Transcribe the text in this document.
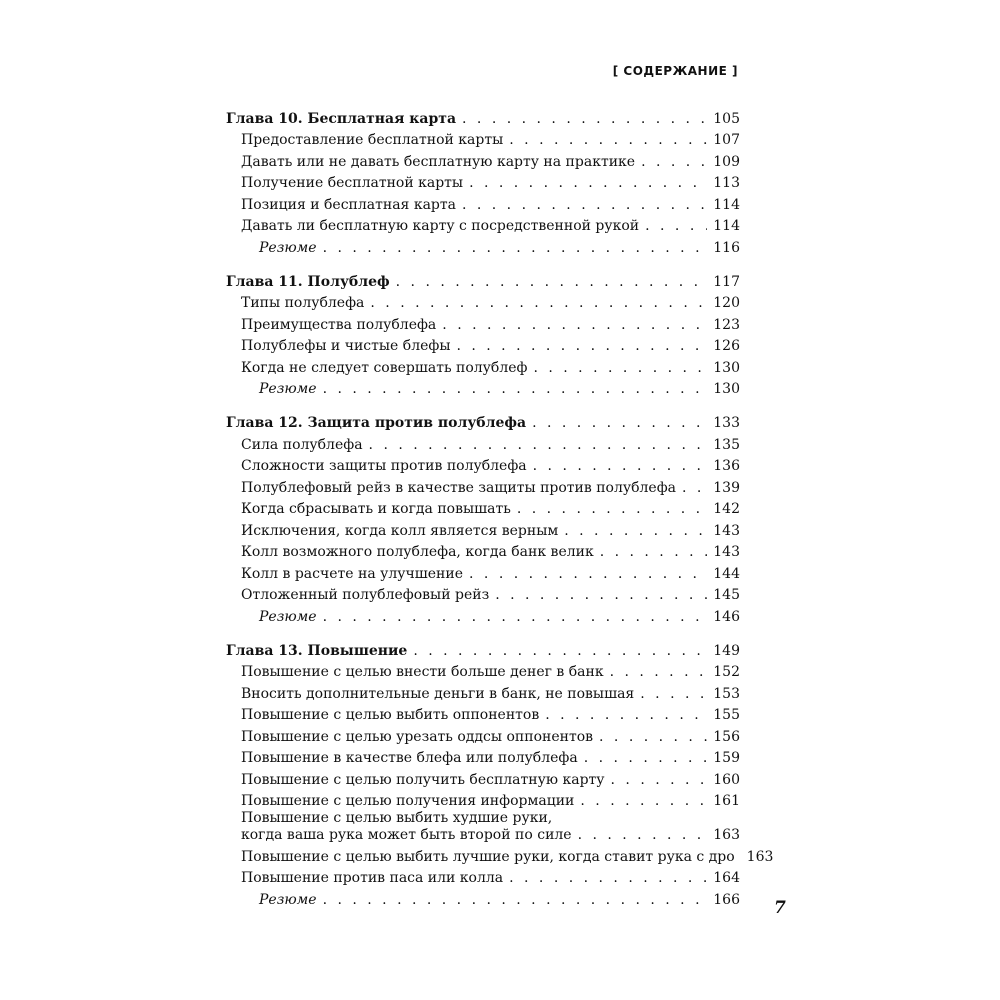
[ СОДЕРЖАНИЕ ]
Глава 10. Бесплатная карта . . .	105
Предоставление бесплатной карты . . .	107
Давать или не давать бесплатную карту на практике . . .	109
Получение бесплатной карты . . .	113
Позиция и бесплатная карта . . .	114
Давать ли бесплатную карту с посредственной рукой . . .	114
Резюме . . .	116
Глава 11. Полублеф . . .	117
Типы полублефа . . .	120
Преимущества полублефа . . .	123
Полублефы и чистые блефы . . .	126
Когда не следует совершать полублеф . . .	130
Резюме . . .	130
Глава 12. Защита против полублефа . . .	133
Сила полублефа . . .	135
Сложности защиты против полублефа . . .	136
Полублефовый рейз в качестве защиты против полублефа . . .	139
Когда сбрасывать и когда повышать . . .	142
Исключения, когда колл является верным . . .	143
Колл возможного полублефа, когда банк велик . . .	143
Колл в расчете на улучшение . . .	144
Отложенный полублефовый рейз . . .	145
Резюме . . .	146
Глава 13. Повышение . . .	149
Повышение с целью внести больше денег в банк . . .	152
Вносить дополнительные деньги в банк, не повышая . . .	153
Повышение с целью выбить оппонентов . . .	155
Повышение с целью урезать оддсы оппонентов . . .	156
Повышение в качестве блефа или полублефа . . .	159
Повышение с целью получить бесплатную карту . . .	160
Повышение с целью получения информации . . .	161
Повышение с целью выбить худшие руки,
когда ваша рука может быть второй по силе . . .	163
Повышение с целью выбить лучшие руки, когда ставит рука с дро 163
Повышение против паса или колла . . .	164
Резюме . . .	166 7
